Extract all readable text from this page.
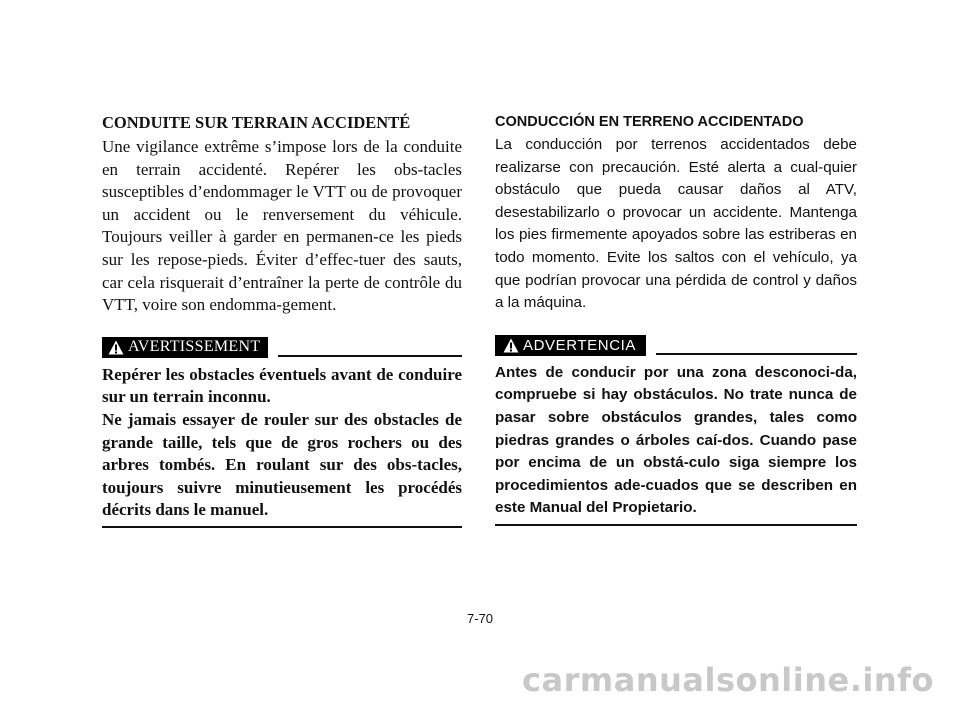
CONDUITE SUR TERRAIN ACCIDENTÉ

Une vigilance extrême s’impose lors de la conduite en terrain accidenté. Repérer les obs-tacles susceptibles d’endommager le VTT ou de provoquer un accident ou le renversement du véhicule. Toujours veiller à garder en permanen-ce les pieds sur les repose-pieds. Éviter d’effec-tuer des sauts, car cela risquerait d’entraîner la perte de contrôle du VTT, voire son endomma-gement.

AVERTISSEMENT

Repérer les obstacles éventuels avant de conduire sur un terrain inconnu.

Ne jamais essayer de rouler sur des obstacles de grande taille, tels que de gros rochers ou des arbres tombés. En roulant sur des obs-tacles, toujours suivre minutieusement les procédés décrits dans le manuel.

CONDUCCIÓN EN TERRENO ACCIDENTADO

La conducción por terrenos accidentados debe realizarse con precaución. Esté alerta a cual-quier obstáculo que pueda causar daños al ATV, desestabilizarlo o provocar un accidente. Mantenga los pies firmemente apoyados sobre las estriberas en todo momento. Evite los saltos con el vehículo, ya que podrían provocar una pérdida de control y daños a la máquina.

ADVERTENCIA

Antes de conducir por una zona desconoci-da, compruebe si hay obstáculos. No trate nunca de pasar sobre obstáculos grandes, tales como piedras grandes o árboles caí-dos. Cuando pase por encima de un obstá-culo siga siempre los procedimientos ade-cuados que se describen en este Manual del Propietario.

7-70
carmanualsonline.info
